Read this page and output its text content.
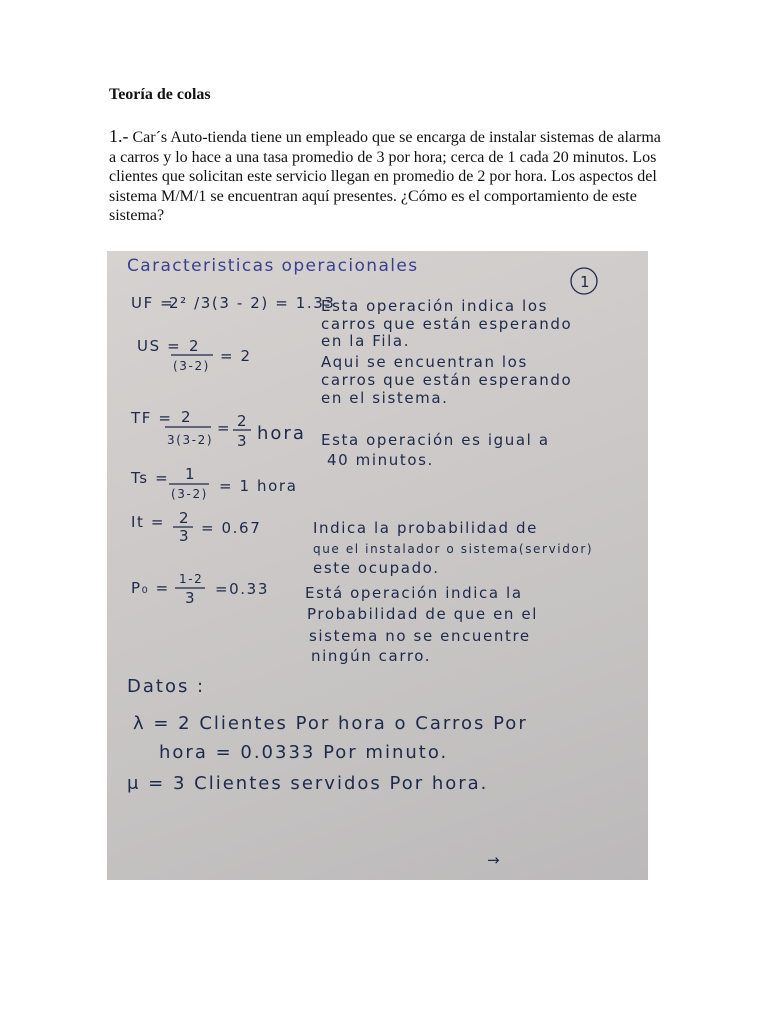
Teoría de colas

1.- Car´s Auto-tienda tiene un empleado que se encarga de instalar sistemas de alarma a carros y lo hace a una tasa promedio de 3 por hora; cerca de 1 cada 20 minutos. Los clientes que solicitan este servicio llegan en promedio de 2 por hora. Los aspectos del sistema M/M/1 se encuentran aquí presentes. ¿Cómo es el comportamiento de este sistema?

Caracteristicas operacionales
1
UF =
2² /3(3 - 2) = 1.33
Esta operación indica los
carros que están esperando
en la Fila.
US = 2
(3-2)
= 2	Aqui se encuentran los
carros que están esperando
en el sistema.
TF = 2
3(3-2)
= 2
3 hora Esta operación es igual a
40 minutos.
Ts = 1
(3-2) = 1 hora
It = 2
3 = 0.67	Indica la probabilidad de
que el instalador o sistema(servidor)
este ocupado.
P₀ = 1-2
3 =0.33 Está operación indica la
Probabilidad de que en el
sistema no se encuentre
ningún carro.
Datos :
λ = 2 Clientes Por hora o Carros Por
hora = 0.0333 Por minuto.
μ = 3 Clientes servidos Por hora.
→
